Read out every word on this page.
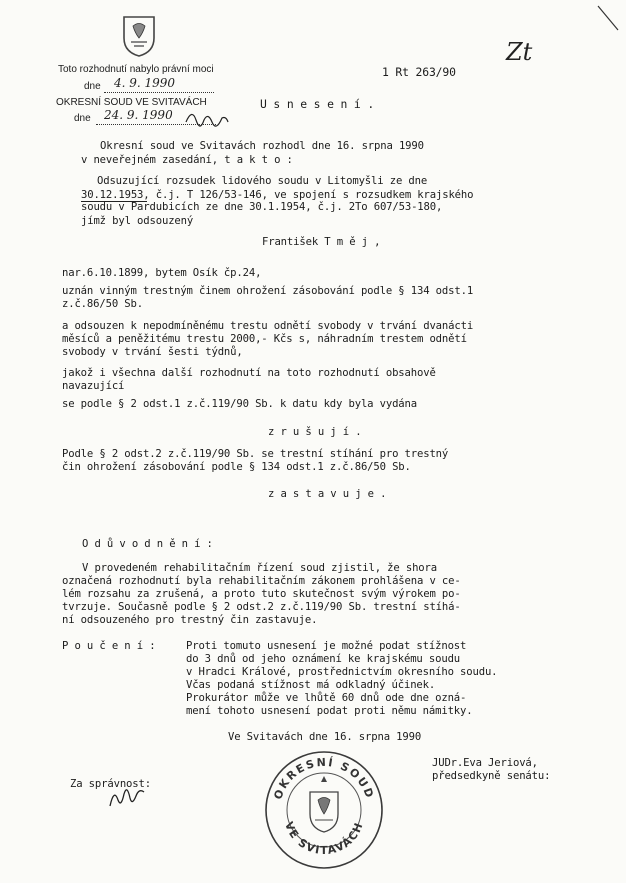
Toto rozhodnutí nabylo právní moci
dne 4. 9. 1990
OKRESNÍ SOUD VE SVITAVÁCH
dne 24. 9. 1990
1 Rt 263/90
Zt
U s n e s e n í .
Okresní soud ve Svitavách rozhodl dne 16. srpna 1990
v neveřejném zasedání, t a k t o :
Odsuzující rozsudek lidového soudu v Litomyšli ze dne
30.12.1953, č.j. T 126/53-146, ve spojení s rozsudkem krajského
soudu v Pardubicích ze dne 30.1.1954, č.j. 2To 607/53-180,
jímž byl odsouzený
František T m ě j ,
nar.6.10.1899, bytem Osík čp.24,
uznán vinným trestným činem ohrožení zásobování podle § 134 odst.1
z.č.86/50 Sb.
a odsouzen k nepodmíněnému trestu odnětí svobody v trvání dvanácti
měsíců a peněžitému trestu 2000,- Kčs s, náhradním trestem odnětí
svobody v trvání šesti týdnů,
jakož i všechna další rozhodnutí na toto rozhodnutí obsahově
navazující
se podle § 2 odst.1 z.č.119/90 Sb. k datu kdy byla vydána
z r u š u j í .
Podle § 2 odst.2 z.č.119/90 Sb. se trestní stíhání pro trestný
čin ohrožení zásobování podle § 134 odst.1 z.č.86/50 Sb.
z a s t a v u j e .
O d ů v o d n ě n í :
V provedeném rehabilitačním řízení soud zjistil, že shora
označená rozhodnutí byla rehabilitačním zákonem prohlášena v ce-
lém rozsahu za zrušená, a proto tuto skutečnost svým výrokem po-
tvrzuje. Současně podle § 2 odst.2 z.č.119/90 Sb. trestní stíhá-
ní odsouzeného pro trestný čin zastavuje.
P o u č e n í :	Proti tomuto usnesení je možné podat stížnost
do 3 dnů od jeho oznámení ke krajskému soudu
v Hradci Králové, prostřednictvím okresního soudu.
Včas podaná stížnost má odkladný účinek.
Prokurátor může ve lhůtě 60 dnů ode dne ozná-
mení tohoto usnesení podat proti němu námitky.
Ve Svitavách dne 16. srpna 1990
JUDr.Eva Jeriová,
předsedkyně senátu:
Za správnost:
OKRESNÍ SOUD
VE SVITAVÁCH
